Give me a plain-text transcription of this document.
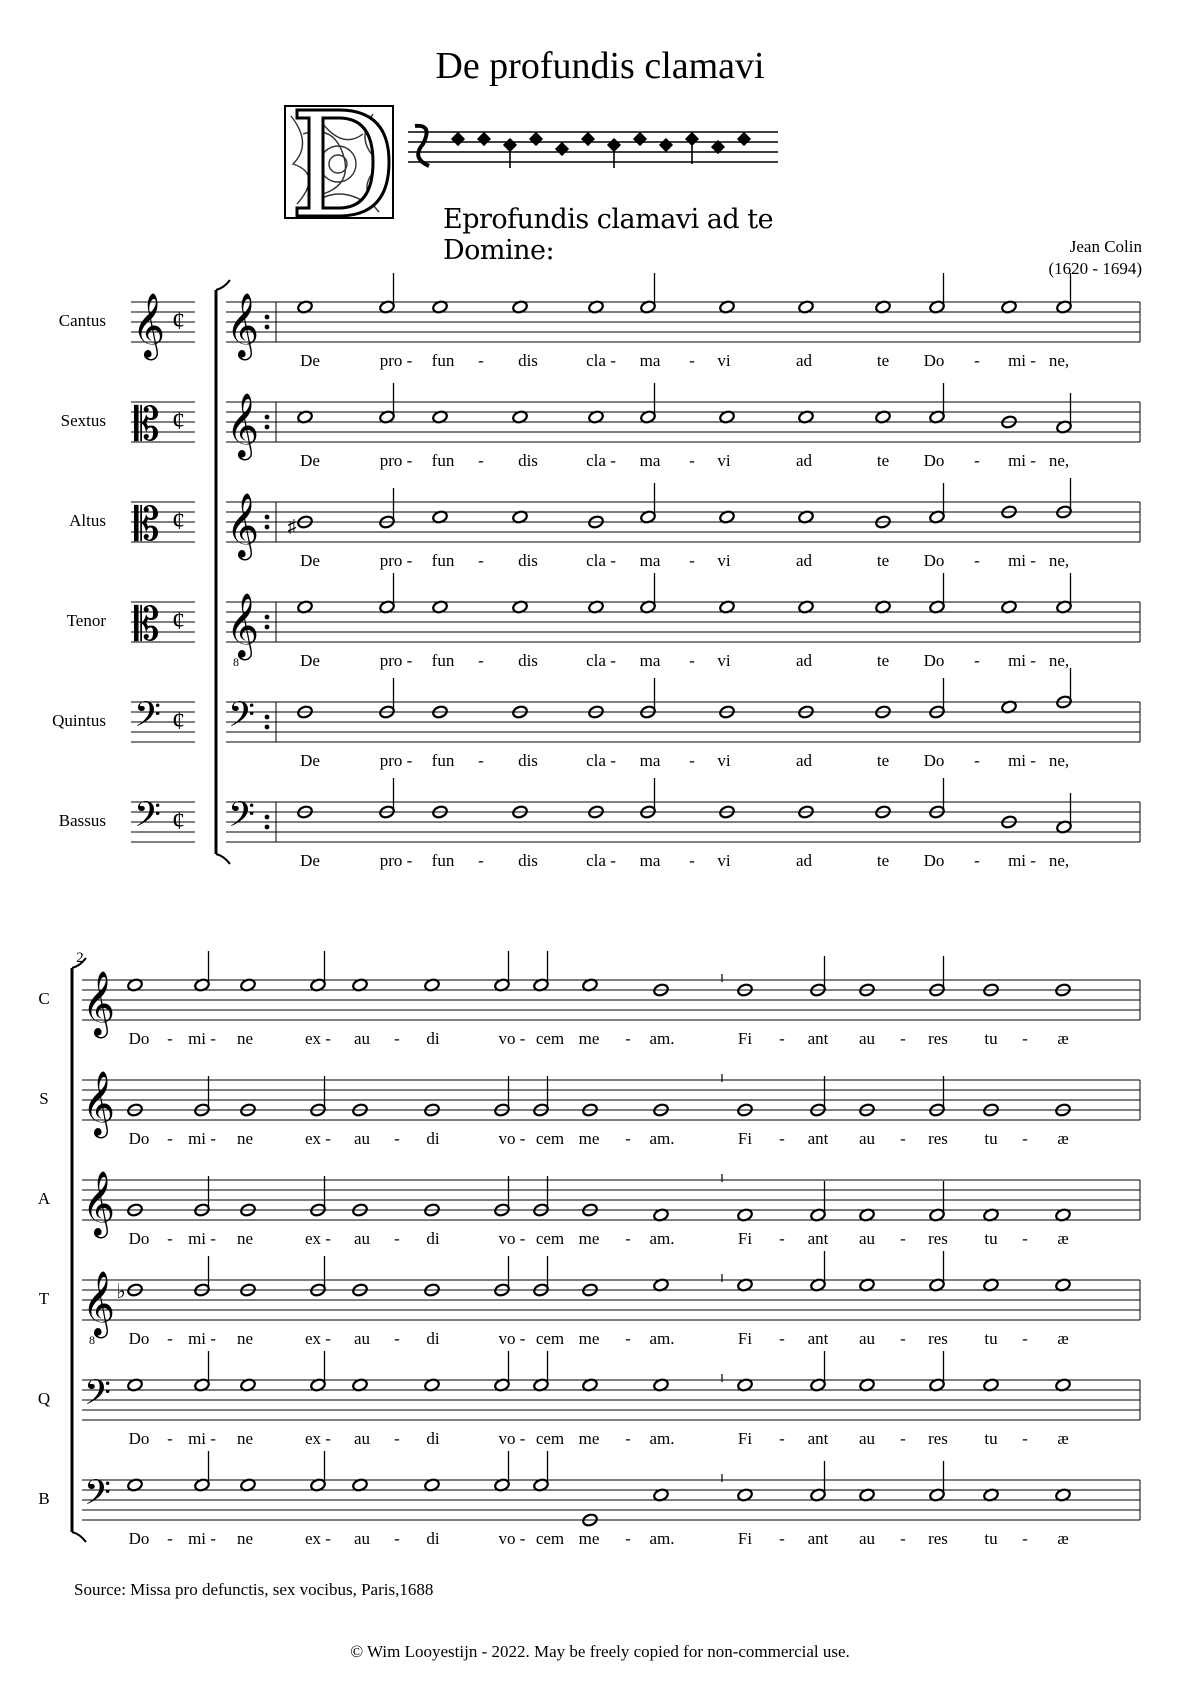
De profundis clamavi
Eprofundis clamavi ad te Domine:	Jean Colin
(1620 - 1694)
Cantus 𝄞 ¢ 𝄞
De	pro - fun - dis	cla - ma - vi	ad	te Do - mi - ne,
Sextus 𝄡 ¢ 𝄞
De	pro - fun - dis	cla - ma - vi	ad	te Do - mi - ne,
Altus 𝄡 ¢ 𝄞 ♯
De	pro - fun - dis	cla - ma - vi	ad	te Do - mi - ne,
Tenor 𝄡 ¢ 𝄞
8	De	pro - fun - dis	cla - ma - vi	ad	te Do - mi - ne,
Quintus 𝄢 ¢ 𝄢
De	pro - fun - dis	cla - ma - vi	ad	te Do - mi - ne,
Bassus 𝄢 ¢ 𝄢
De	pro - fun - dis	cla - ma - vi	ad	te Do - mi - ne,
2
C 𝄞
Do - mi - ne	ex - au - di	vo - cem me - am.	Fi - ant au - res tu - æ
S 𝄞
Do - mi - ne	ex - au - di	vo - cem me - am.	Fi - ant au - res tu - æ
A 𝄞
Do - mi - ne	ex - au - di	vo - cem me - am.	Fi - ant au - res tu - æ
T 𝄞
8
♭
Do - mi - ne	ex - au - di	vo - cem me - am.	Fi - ant au - res tu - æ
Q 𝄢
Do - mi - ne	ex - au - di	vo - cem me - am.	Fi - ant au - res tu - æ
B 𝄢
Do - mi - ne	ex - au - di	vo - cem me - am.	Fi - ant au - res tu - æ
Source: Missa pro defunctis, sex vocibus, Paris,1688
© Wim Looyestijn - 2022. May be freely copied for non-commercial use.
